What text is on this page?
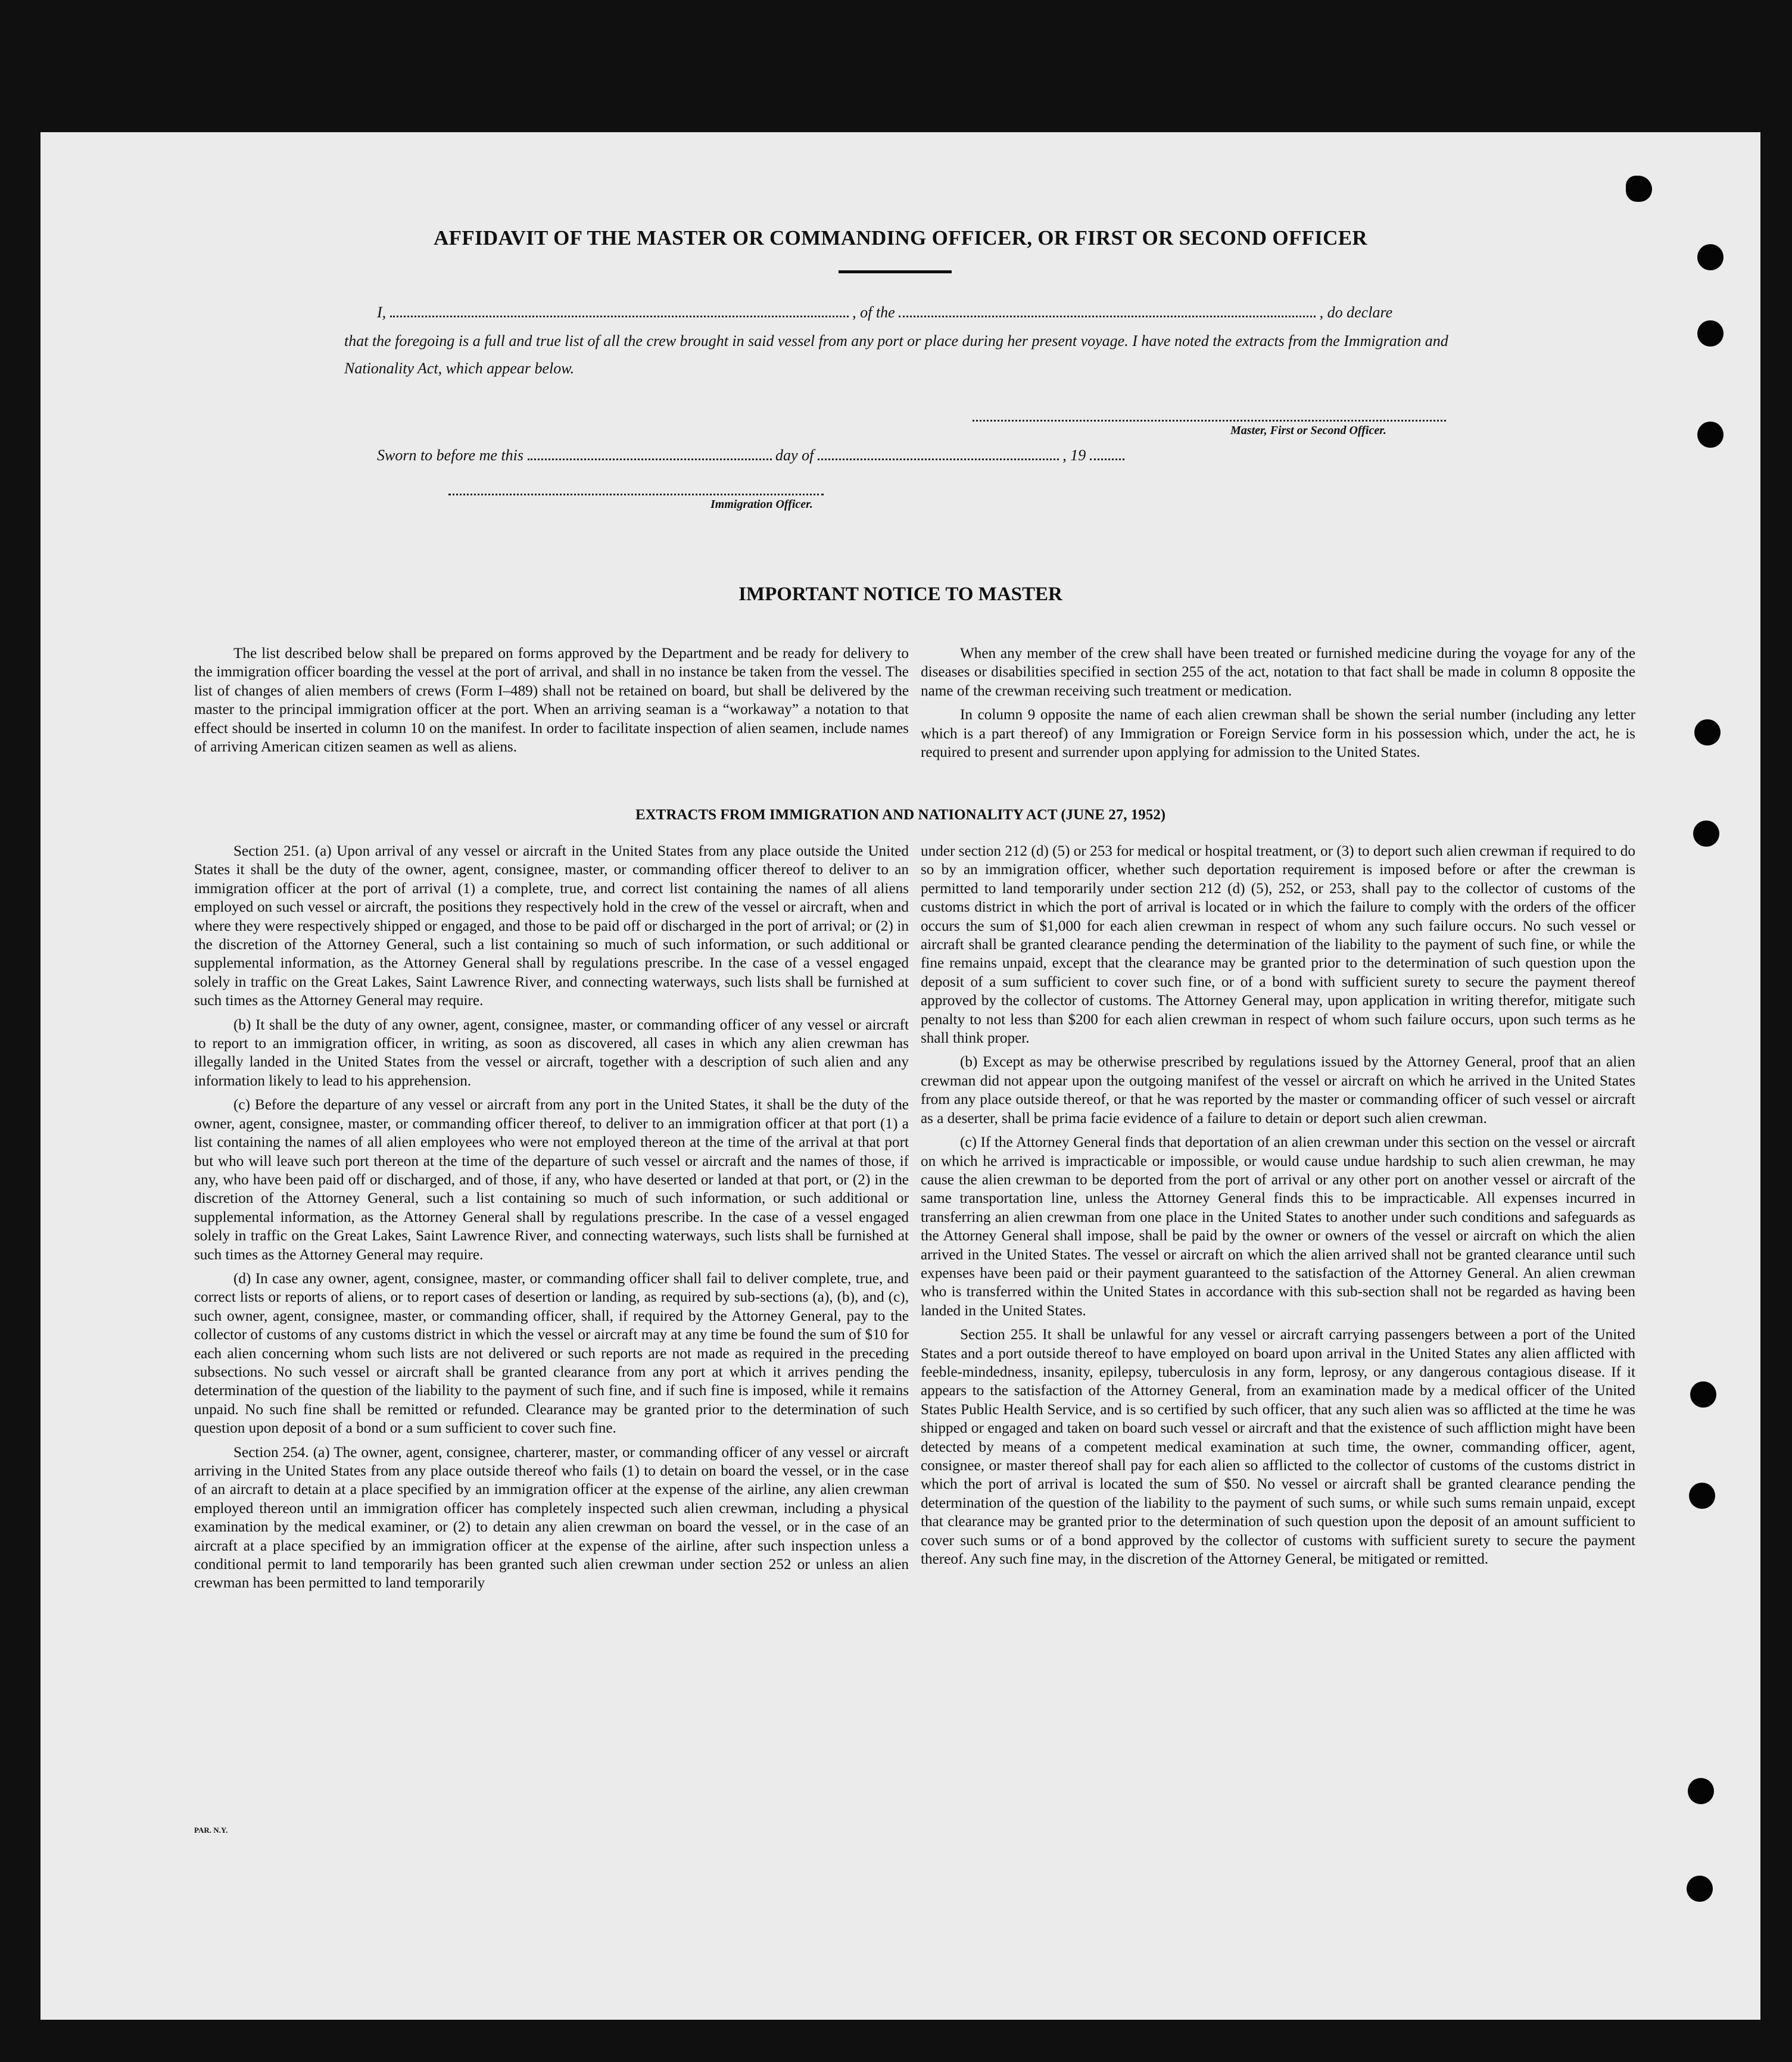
AFFIDAVIT OF THE MASTER OR COMMANDING OFFICER, OR FIRST OR SECOND OFFICER
I,	, of the	, do declare
that the foregoing is a full and true list of all the crew brought in said vessel from any port or place during her present voyage. I have noted the extracts from the Immigration and Nationality Act, which appear below.
Master, First or Second Officer.
Sworn to before me this	day of	, 19
Immigration Officer.
IMPORTANT NOTICE TO MASTER

The list described below shall be prepared on forms approved by the Department and be ready for delivery to the immigration officer boarding the vessel at the port of arrival, and shall in no instance be taken from the vessel. The list of changes of alien members of crews (Form I–489) shall not be retained on board, but shall be delivered by the master to the principal immigration officer at the port. When an arriving seaman is a “workaway” a notation to that effect should be inserted in column 10 on the manifest. In order to facilitate inspection of alien seamen, include names of arriving American citizen seamen as well as aliens.

When any member of the crew shall have been treated or furnished medicine during the voyage for any of the diseases or disabilities specified in section 255 of the act, notation to that fact shall be made in column 8 opposite the name of the crewman receiving such treatment or medication.

In column 9 opposite the name of each alien crewman shall be shown the serial number (including any letter which is a part thereof) of any Immigration or Foreign Service form in his possession which, under the act, he is required to present and surrender upon applying for admission to the United States.

EXTRACTS FROM IMMIGRATION AND NATIONALITY ACT (JUNE 27, 1952)

Section 251. (a) Upon arrival of any vessel or aircraft in the United States from any place outside the United States it shall be the duty of the owner, agent, consignee, master, or commanding officer thereof to deliver to an immigration officer at the port of arrival (1) a complete, true, and correct list containing the names of all aliens employed on such vessel or aircraft, the positions they respectively hold in the crew of the vessel or aircraft, when and where they were respectively shipped or engaged, and those to be paid off or discharged in the port of arrival; or (2) in the discretion of the Attorney General, such a list containing so much of such information, or such additional or supplemental information, as the Attorney General shall by regulations prescribe. In the case of a vessel engaged solely in traffic on the Great Lakes, Saint Lawrence River, and connecting waterways, such lists shall be furnished at such times as the Attorney General may require.

(b) It shall be the duty of any owner, agent, consignee, master, or commanding officer of any vessel or aircraft to report to an immigration officer, in writing, as soon as discovered, all cases in which any alien crewman has illegally landed in the United States from the vessel or aircraft, together with a description of such alien and any information likely to lead to his apprehension.

(c) Before the departure of any vessel or aircraft from any port in the United States, it shall be the duty of the owner, agent, consignee, master, or commanding officer thereof, to deliver to an immigration officer at that port (1) a list containing the names of all alien employees who were not employed thereon at the time of the arrival at that port but who will leave such port thereon at the time of the departure of such vessel or aircraft and the names of those, if any, who have been paid off or discharged, and of those, if any, who have deserted or landed at that port, or (2) in the discretion of the Attorney General, such a list containing so much of such information, or such additional or supplemental information, as the Attorney General shall by regulations prescribe. In the case of a vessel engaged solely in traffic on the Great Lakes, Saint Lawrence River, and connecting waterways, such lists shall be furnished at such times as the Attorney General may require.

(d) In case any owner, agent, consignee, master, or commanding officer shall fail to deliver complete, true, and correct lists or reports of aliens, or to report cases of desertion or landing, as required by sub-sections (a), (b), and (c), such owner, agent, consignee, master, or commanding officer, shall, if required by the Attorney General, pay to the collector of customs of any customs district in which the vessel or aircraft may at any time be found the sum of $10 for each alien concerning whom such lists are not delivered or such reports are not made as required in the preceding subsections. No such vessel or aircraft shall be granted clearance from any port at which it arrives pending the determination of the question of the liability to the payment of such fine, and if such fine is imposed, while it remains unpaid. No such fine shall be remitted or refunded. Clearance may be granted prior to the determination of such question upon deposit of a bond or a sum sufficient to cover such fine.

Section 254. (a) The owner, agent, consignee, charterer, master, or commanding officer of any vessel or aircraft arriving in the United States from any place outside thereof who fails (1) to detain on board the vessel, or in the case of an aircraft to detain at a place specified by an immigration officer at the expense of the airline, any alien crewman employed thereon until an immigration officer has completely inspected such alien crewman, including a physical examination by the medical examiner, or (2) to detain any alien crewman on board the vessel, or in the case of an aircraft at a place specified by an immigration officer at the expense of the airline, after such inspection unless a conditional permit to land temporarily has been granted such alien crewman under section 252 or unless an alien crewman has been permitted to land temporarily

under section 212 (d) (5) or 253 for medical or hospital treatment, or (3) to deport such alien crewman if required to do so by an immigration officer, whether such deportation requirement is imposed before or after the crewman is permitted to land temporarily under section 212 (d) (5), 252, or 253, shall pay to the collector of customs of the customs district in which the port of arrival is located or in which the failure to comply with the orders of the officer occurs the sum of $1,000 for each alien crewman in respect of whom any such failure occurs. No such vessel or aircraft shall be granted clearance pending the determination of the liability to the payment of such fine, or while the fine remains unpaid, except that the clearance may be granted prior to the determination of such question upon the deposit of a sum sufficient to cover such fine, or of a bond with sufficient surety to secure the payment thereof approved by the collector of customs. The Attorney General may, upon application in writing therefor, mitigate such penalty to not less than $200 for each alien crewman in respect of whom such failure occurs, upon such terms as he shall think proper.

(b) Except as may be otherwise prescribed by regulations issued by the Attorney General, proof that an alien crewman did not appear upon the outgoing manifest of the vessel or aircraft on which he arrived in the United States from any place outside thereof, or that he was reported by the master or commanding officer of such vessel or aircraft as a deserter, shall be prima facie evidence of a failure to detain or deport such alien crewman.

(c) If the Attorney General finds that deportation of an alien crewman under this section on the vessel or aircraft on which he arrived is impracticable or impossible, or would cause undue hardship to such alien crewman, he may cause the alien crewman to be deported from the port of arrival or any other port on another vessel or aircraft of the same transportation line, unless the Attorney General finds this to be impracticable. All expenses incurred in transferring an alien crewman from one place in the United States to another under such conditions and safeguards as the Attorney General shall impose, shall be paid by the owner or owners of the vessel or aircraft on which the alien arrived in the United States. The vessel or aircraft on which the alien arrived shall not be granted clearance until such expenses have been paid or their payment guaranteed to the satisfaction of the Attorney General. An alien crewman who is transferred within the United States in accordance with this sub-section shall not be regarded as having been landed in the United States.

Section 255. It shall be unlawful for any vessel or aircraft carrying passengers between a port of the United States and a port outside thereof to have employed on board upon arrival in the United States any alien afflicted with feeble-mindedness, insanity, epilepsy, tuberculosis in any form, leprosy, or any dangerous contagious disease. If it appears to the satisfaction of the Attorney General, from an examination made by a medical officer of the United States Public Health Service, and is so certified by such officer, that any such alien was so afflicted at the time he was shipped or engaged and taken on board such vessel or aircraft and that the existence of such affliction might have been detected by means of a competent medical examination at such time, the owner, commanding officer, agent, consignee, or master thereof shall pay for each alien so afflicted to the collector of customs of the customs district in which the port of arrival is located the sum of $50. No vessel or aircraft shall be granted clearance pending the determination of the question of the liability to the payment of such sums, or while such sums remain unpaid, except that clearance may be granted prior to the determination of such question upon the deposit of an amount sufficient to cover such sums or of a bond approved by the collector of customs with sufficient surety to secure the payment thereof. Any such fine may, in the discretion of the Attorney General, be mitigated or remitted.

PAR. N.Y.
